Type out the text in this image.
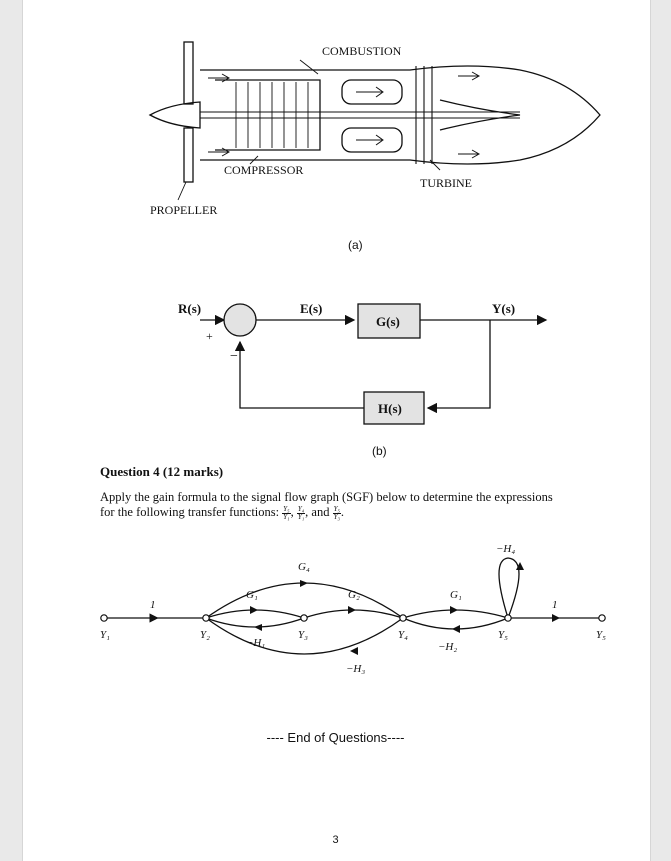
COMBUSTION
COMPRESSOR
TURBINE
PROPELLER
(a)
R(s)
+
−
E(s)
G(s)
Y(s)
H(s)
(b)
Question 4 (12 marks)
Apply the gain formula to the signal flow graph (SGF) below to determine the expressions
for the following transfer functions: $\frac{\text{Y₅}}{\text{Y₁}}$ , $\frac{\text{Y₄}}{\text{Y₁}}$ , and $\frac{\text{Y₅}}{\text{Y₃}}$ .
Y₁	Y₂	Y₃	Y₄	Y₅	Y₅
1
G₁	G₂	G₁
1
G₄
−H₁
−H₃
−H₂
−H₄
---- End of Questions----
3
